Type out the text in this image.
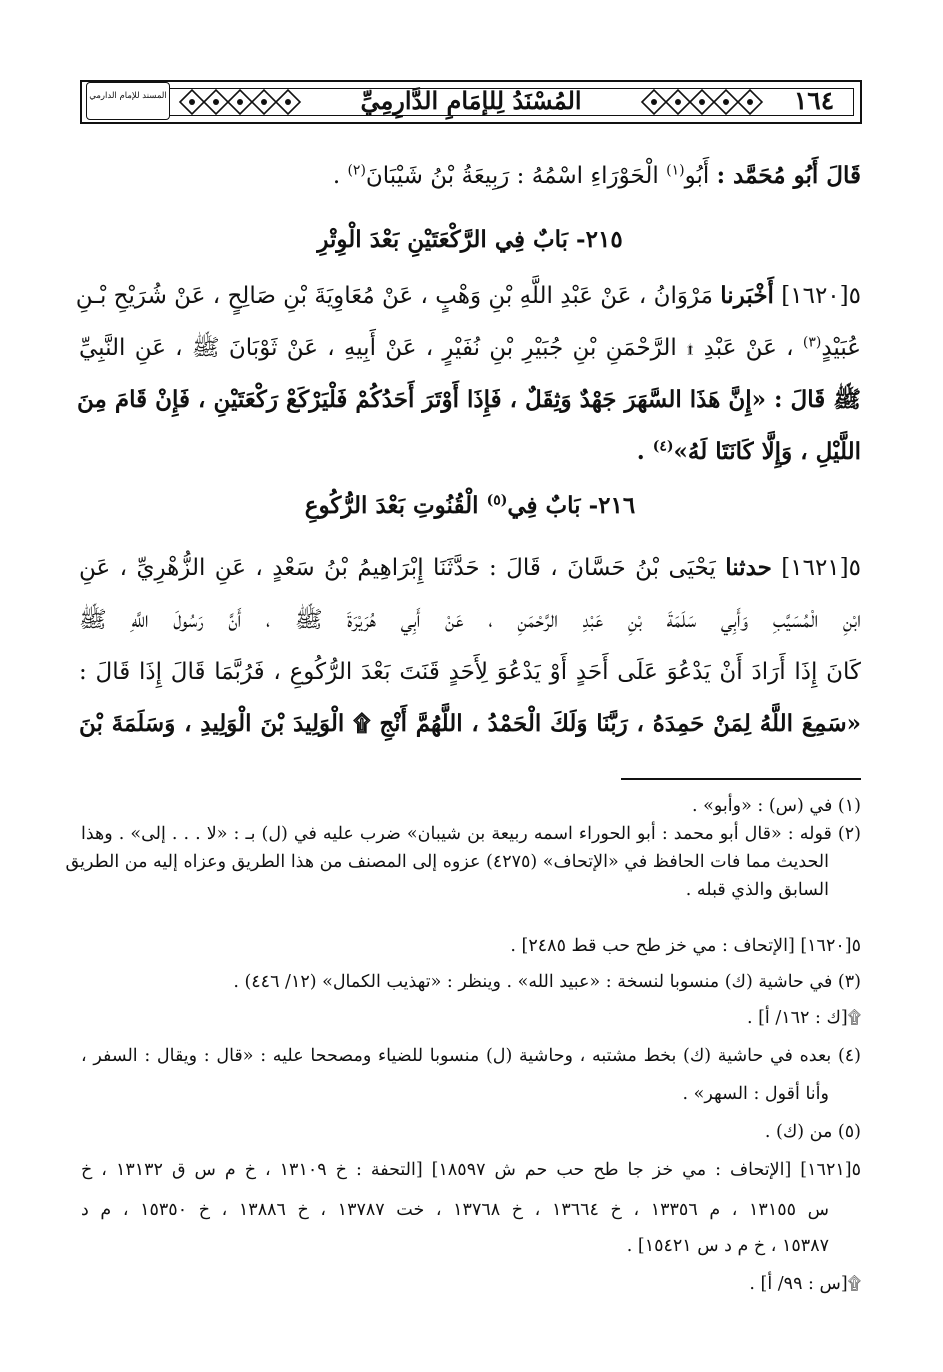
المُسْنَدُ لِلإمَامِ الدَّارِمِيِّ	١٦٤
المسند للإمام الدارمي
قَالَ أَبُو مُحَمَّد : أَبُو$^{(١)}$ الْحَوْرَاءِ اسْمُهُ : رَبِيعَةُ بْنُ شَيْبَانَ$^{(٢)}$ .
٢١٥- بَابٌ فِي الرَّكْعَتَيْنِ بَعْدَ الْوِتْرِ
٥[١٦٢٠] أَخْبَرنا مَرْوَانُ ، عَنْ عَبْدِ اللَّهِ بْنِ وَهْبٍ ، عَنْ مُعَاوِيَةَ بْنِ صَالِحٍ ، عَنْ شُرَيْحِ بْـنِ
عُبَيْدٍ$^{(٣)}$ ، عَنْ عَبْدِ ۩ الرَّحْمَنِ بْنِ جُبَيْرِ بْنِ نُفَيْرٍ ، عَنْ أَبِيهِ ، عَنْ ثَوْبَانَ ﷺ ، عَنِ النَّبِيِّ
ﷺ قَالَ : «إِنَّ هَذَا السَّهَرَ جَهْدٌ وَثِقَلٌ ، فَإِذَا أَوْتَرَ أَحَدُكُمْ فَلْيَرْكَعْ رَكْعَتَيْنِ ، فَإِنْ قَامَ مِنَ
اللَّيْلِ ، وَإِلَّا كَانَتَا لَهُ»$^{(٤)}$ .
٢١٦- بَابٌ فِي$^{(٥)}$ الْقُنُوتِ بَعْدَ الرُّكُوعِ
٥[١٦٢١] حدثنا يَحْيَى بْنُ حَسَّانَ ، قَالَ : حَدَّثَنَا إِبْرَاهِيمُ بْنُ سَعْدٍ ، عَنِ الزُّهْرِيِّ ، عَنِ
ابْنِ الْمُسَيَّبِ وَأَبِي سَلَمَةَ بْنِ عَبْدِ الرَّحْمَنِ ، عَنْ أَبِي هُرَيْرَةَ ﷺ ، أَنَّ رَسُولَ اللَّهِ ﷺ
كَانَ إِذَا أَرَادَ أَنْ يَدْعُوَ عَلَى أَحَدٍ أَوْ يَدْعُوَ لِأَحَدٍ قَنَتَ بَعْدَ الرُّكُوعِ ، فَرُبَّمَا قَالَ إِذَا قَالَ :
«سَمِعَ اللَّهُ لِمَنْ حَمِدَهُ ، رَبَّنَا وَلَكَ الْحَمْدُ ، اللَّهُمَّ أَنْجِ ۩ الْوَلِيدَ بْنَ الْوَلِيدِ ، وَسَلَمَةَ بْنَ
(١) في (س) : «وأبو» .
(٢) قوله : «قال أبو محمد : أبو الحوراء اسمه ربيعة بن شيبان» ضرب عليه في (ل) بـ : «لا . . . إلى» . وهذا
الحديث مما فات الحافظ في «الإتحاف» (٤٢٧٥) عزوه إلى المصنف من هذا الطريق وعزاه إليه من الطريق
السابق والذي قبله .
٥[١٦٢٠] [الإتحاف : مي خز طح حب قط ٢٤٨٥] .
(٣) في حاشية (ك) منسوبا لنسخة : «عبيد الله» . وينظر : «تهذيب الكمال» (١٢/ ٤٤٦) .
۩[ك : ١٦٢/ أ] .
(٤) بعده في حاشية (ك) بخط مشتبه ، وحاشية (ل) منسوبا للضياء ومصححا عليه : «قال : ويقال : السفر ،
وأنا أقول : السهر» .
(٥) من (ك) .
٥[١٦٢١] [الإتحاف : مي خز جا طح حب حم ش ١٨٥٩٧] [التحفة : خ ١٣١٠٩ ، خ م س ق ١٣١٣٢ ، خ
س ١٣١٥٥ ، م ١٣٣٥٦ ، خ ١٣٦٦٤ ، خ ١٣٧٦٨ ، خت ١٣٧٨٧ ، خ ١٣٨٨٦ ، خ ١٥٣٥٠ ، م د
١٥٣٨٧ ، خ م د س ١٥٤٢١] .
۩[س : ٩٩/ أ] .
